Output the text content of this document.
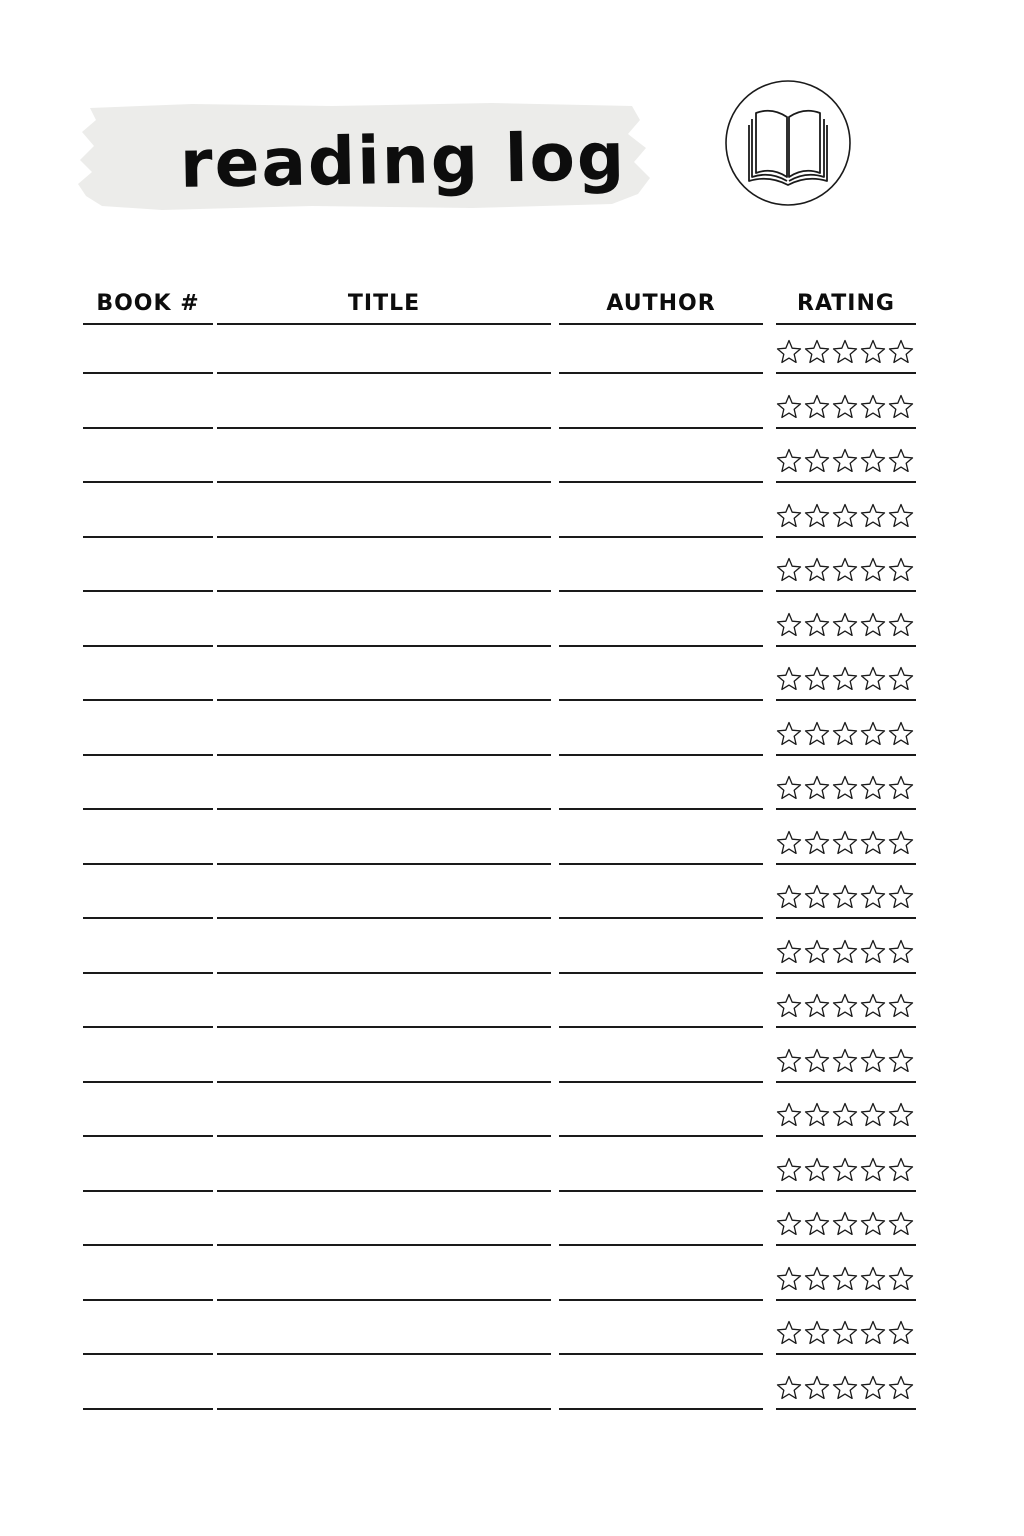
reading log
BOOK #	TITLE	AUTHOR	RATING
